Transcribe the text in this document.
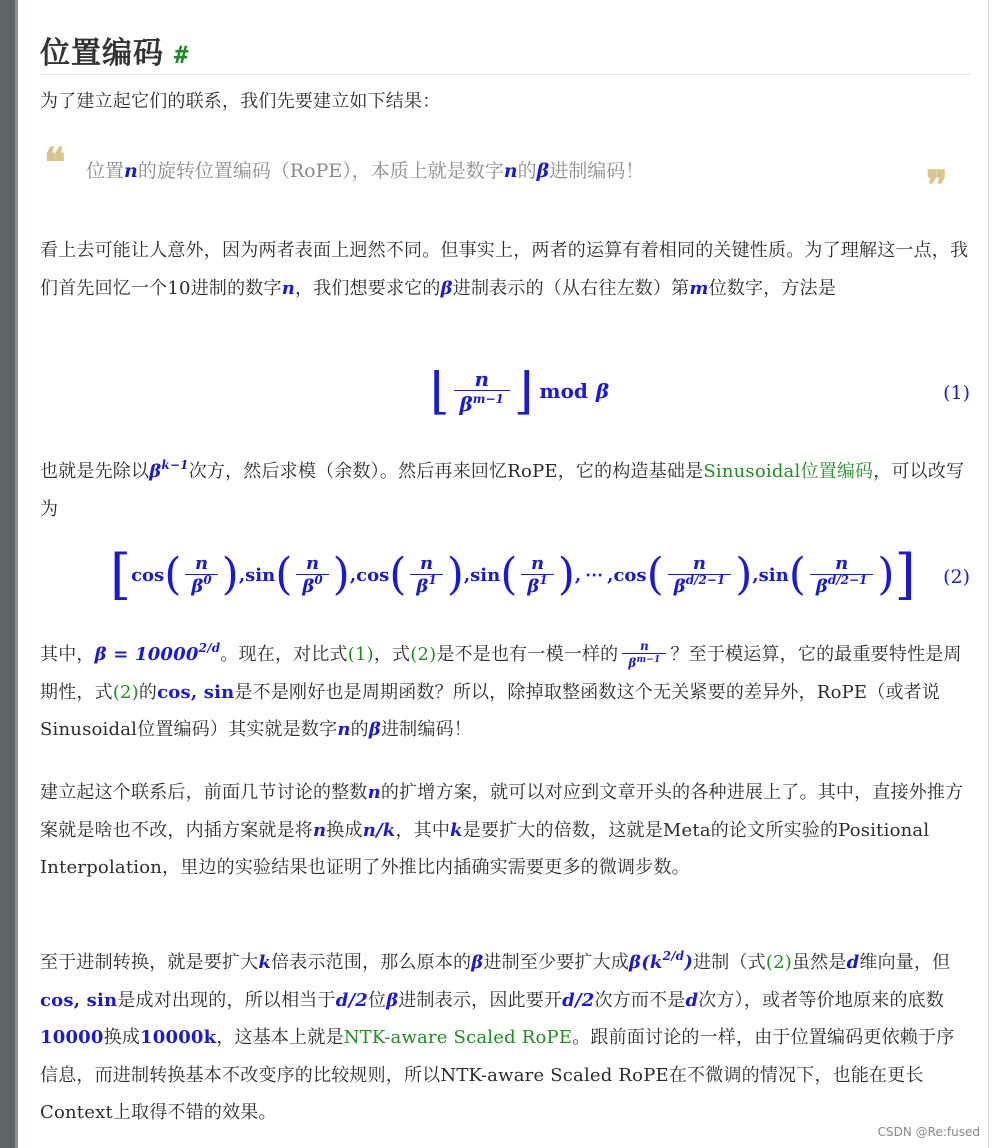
位置编码 #

为了建立起它们的联系，我们先要建立如下结果：

❝ 位置n的旋转位置编码（RoPE），本质上就是数字n的β进制编码！	❞

看上去可能让人意外，因为两者表面上迥然不同。但事实上，两者的运算有着相同的关键性质。为了理解这一点，我们首先回忆一个10进制的数字n，我们想要求它的β进制表示的（从右往左数）第m位数字，方法是

⌊ $\frac{n}{\beta^{m-1}}$ ⌋ mod β	(1)

也就是先除以$\beta^{k-1}$次方，然后求模（余数）。然后再来回忆RoPE，它的构造基础是Sinusoidal位置编码，可以改写为

[ cos ( $\frac{n}{\beta^0}$ ) , sin ( $\frac{n}{\beta^0}$ ) , cos ( $\frac{n}{\beta^1}$ ) , sin ( $\frac{n}{\beta^1}$ ) , ⋯ , cos ( $\frac{n}{\beta^{d/2-1}}$ ) , sin ( $\frac{n}{\beta^{d/2-1}}$ ) ] (2)

其中，$\beta = 10000^{2/d}$。现在，对比式(1)，式(2)是不是也有一模一样的 $\frac{n}{\beta^{m-1}}$ ？至于模运算，它的最重要特性是周期性，式(2)的cos, sin是不是刚好也是周期函数？所以，除掉取整函数这个无关紧要的差异外，RoPE（或者说Sinusoidal位置编码）其实就是数字n的β进制编码！

建立起这个联系后，前面几节讨论的整数n的扩增方案，就可以对应到文章开头的各种进展上了。其中，直接外推方案就是啥也不改，内插方案就是将n换成n/k，其中k是要扩大的倍数，这就是Meta的论文所实验的Positional Interpolation，里边的实验结果也证明了外推比内插确实需要更多的微调步数。

至于进制转换，就是要扩大k倍表示范围，那么原本的β进制至少要扩大成$\beta(k^{2/d})$进制（式(2)虽然是d维向量，但cos, sin是成对出现的，所以相当于d/2位β进制表示，因此要开d/2次方而不是d次方），或者等价地原来的底数10000换成10000k，这基本上就是NTK-aware Scaled RoPE。跟前面讨论的一样，由于位置编码更依赖于序信息，而进制转换基本不改变序的比较规则，所以NTK-aware Scaled RoPE在不微调的情况下，也能在更长Context上取得不错的效果。

CSDN @Re:fused
